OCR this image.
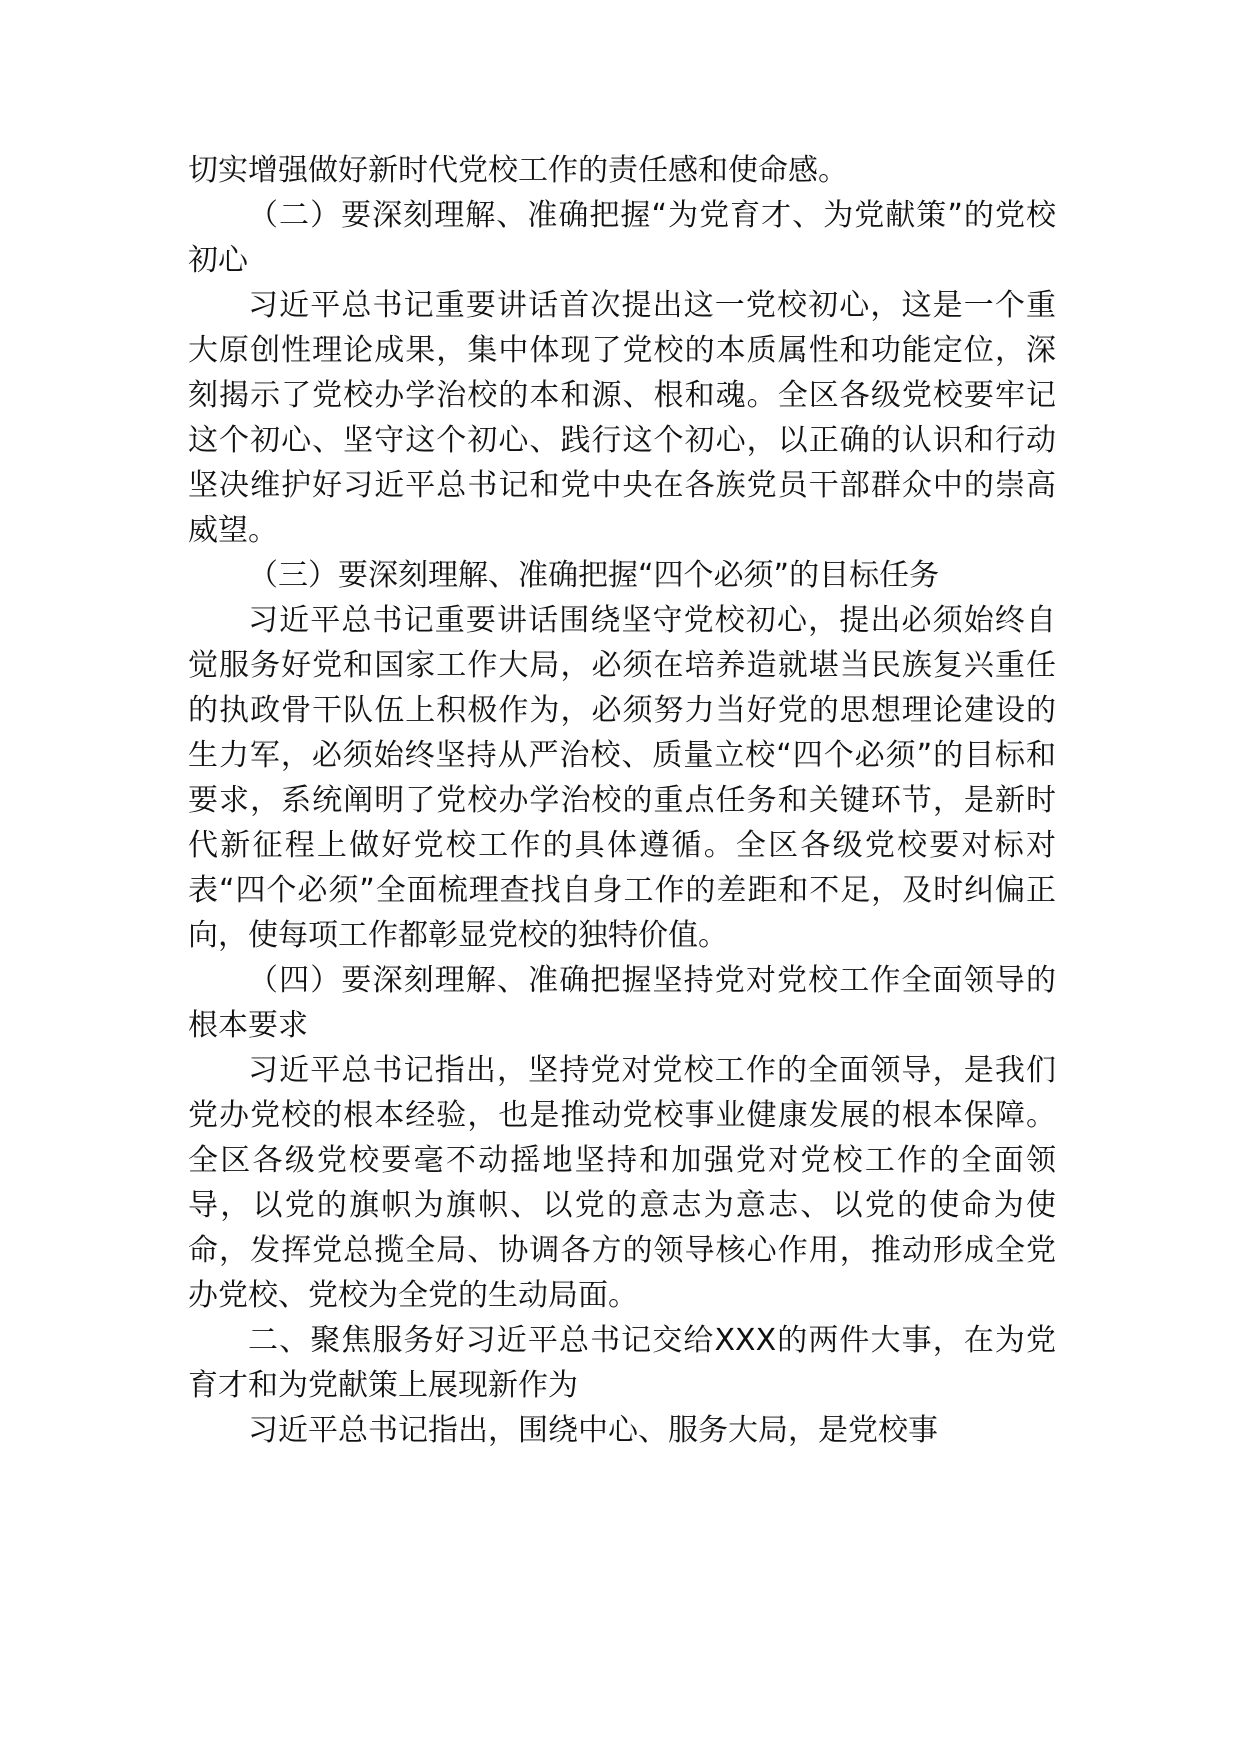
切实增强做好新时代党校工作的责任感和使命感。

（二）要深刻理解、准确把握“为党育才、为党献策”的党校初心

习近平总书记重要讲话首次提出这一党校初心，这是一个重大原创性理论成果，集中体现了党校的本质属性和功能定位，深刻揭示了党校办学治校的本和源、根和魂。全区各级党校要牢记这个初心、坚守这个初心、践行这个初心，以正确的认识和行动坚决维护好习近平总书记和党中央在各族党员干部群众中的崇高威望。

（三）要深刻理解、准确把握“四个必须”的目标任务

习近平总书记重要讲话围绕坚守党校初心，提出必须始终自觉服务好党和国家工作大局，必须在培养造就堪当民族复兴重任的执政骨干队伍上积极作为，必须努力当好党的思想理论建设的生力军，必须始终坚持从严治校、质量立校“四个必须”的目标和要求，系统阐明了党校办学治校的重点任务和关键环节，是新时代新征程上做好党校工作的具体遵循。全区各级党校要对标对表“四个必须”全面梳理查找自身工作的差距和不足，及时纠偏正向，使每项工作都彰显党校的独特价值。

（四）要深刻理解、准确把握坚持党对党校工作全面领导的根本要求

习近平总书记指出，坚持党对党校工作的全面领导，是我们党办党校的根本经验，也是推动党校事业健康发展的根本保障。全区各级党校要毫不动摇地坚持和加强党对党校工作的全面领导，以党的旗帜为旗帜、以党的意志为意志、以党的使命为使命，发挥党总揽全局、协调各方的领导核心作用，推动形成全党办党校、党校为全党的生动局面。

二、聚焦服务好习近平总书记交给XXX的两件大事，在为党育才和为党献策上展现新作为

习近平总书记指出，围绕中心、服务大局，是党校事
